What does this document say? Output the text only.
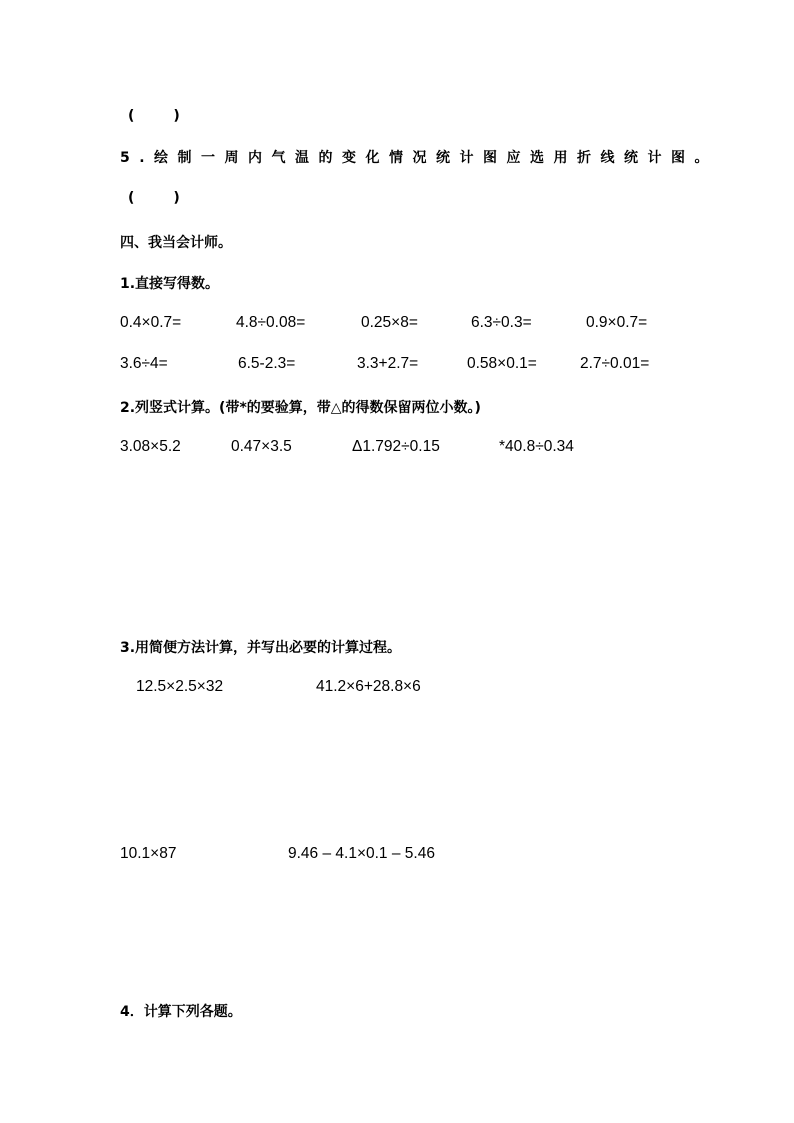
(        )
5.绘制一周内气温的变化情况统计图应选用折线统计图。
(        )
四、我当会计师。
1.直接写得数。
0.4×0.7=	4.8÷0.08=	0.25×8=	6.3÷0.3=	0.9×0.7=
3.6÷4=	6.5-2.3=	3.3+2.7=	0.58×0.1=	2.7÷0.01=
2.列竖式计算。(带*的要验算，带△的得数保留两位小数。)
3.08×5.2	0.47×3.5	Δ1.792÷0.15	*40.8÷0.34
3.用简便方法计算，并写出必要的计算过程。
12.5×2.5×32	41.2×6+28.8×6
10.1×87	9.46 – 4.1×0.1 – 5.46
4．计算下列各题。
